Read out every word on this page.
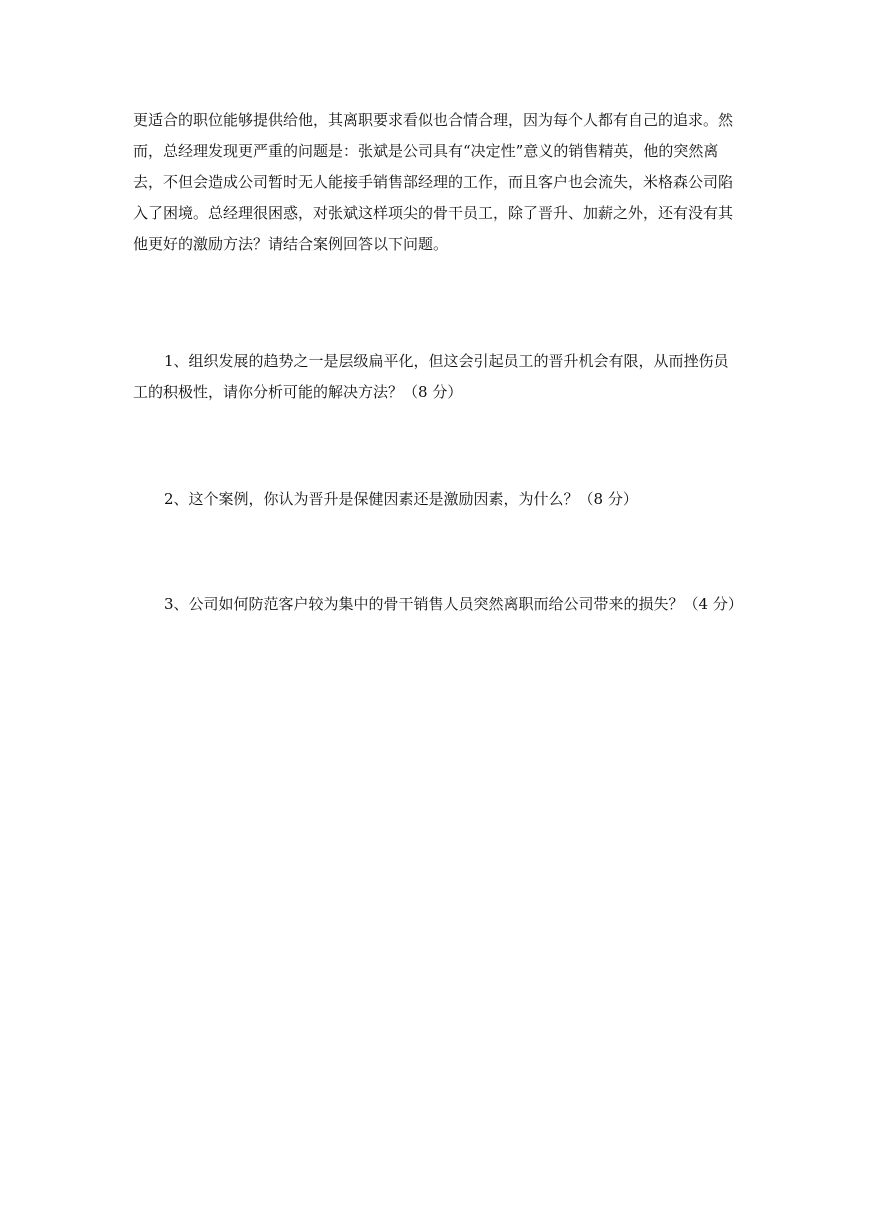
更适合的职位能够提供给他，其离职要求看似也合情合理，因为每个人都有自己的追求。然
而，总经理发现更严重的问题是：张斌是公司具有“决定性”意义的销售精英，他的突然离
去，不但会造成公司暂时无人能接手销售部经理的工作，而且客户也会流失，米格森公司陷
入了困境。总经理很困惑，对张斌这样项尖的骨干员工，除了晋升、加薪之外，还有没有其
他更好的激励方法？请结合案例回答以下问题。
1、组织发展的趋势之一是层级扁平化，但这会引起员工的晋升机会有限，从而挫伤员
工的积极性，请你分析可能的解决方法？（8 分）
2、这个案例，你认为晋升是保健因素还是激励因素，为什么？（8 分）
3、公司如何防范客户较为集中的骨干销售人员突然离职而给公司带来的损失？（4 分）
